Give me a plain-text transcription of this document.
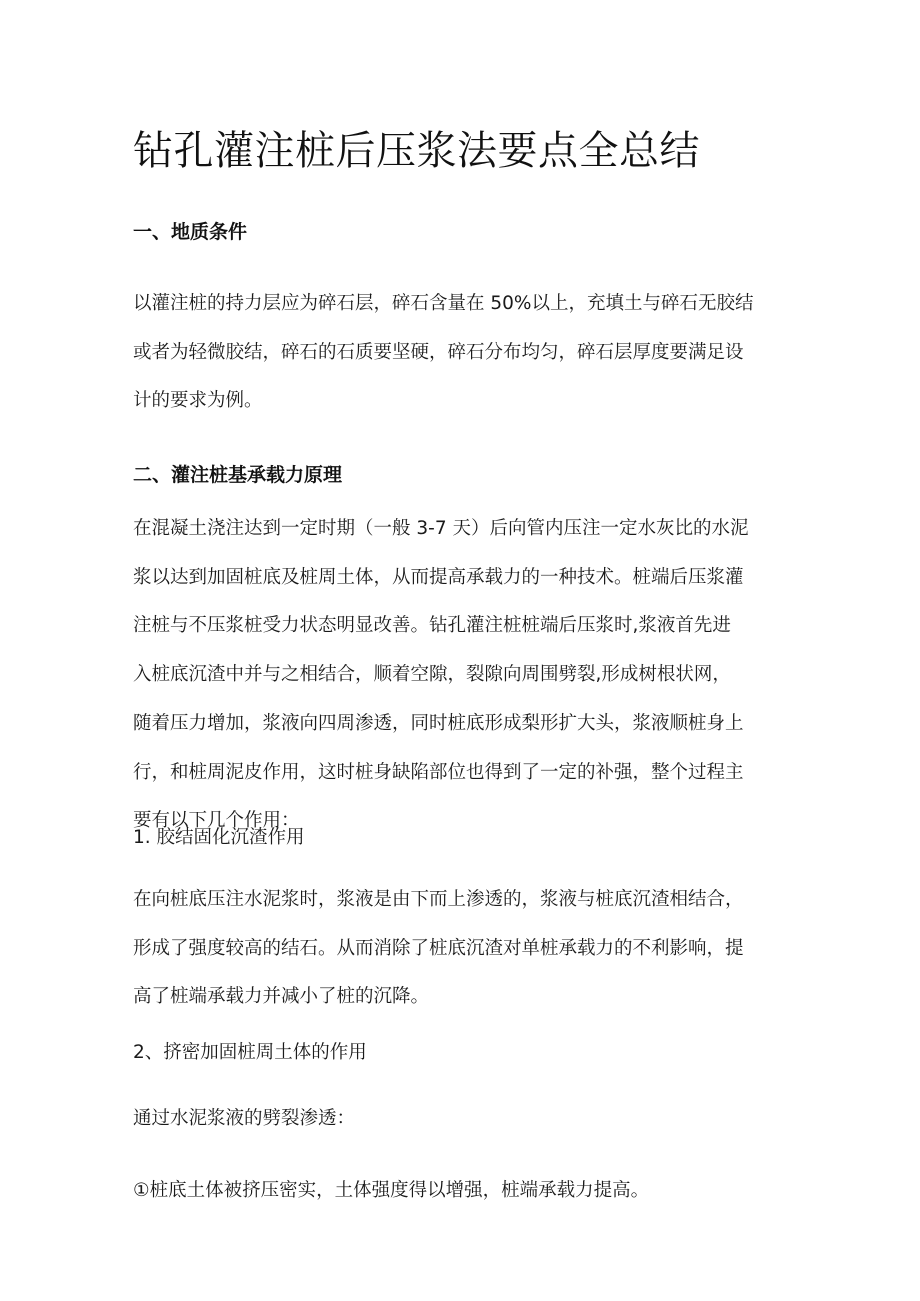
钻孔灌注桩后压浆法要点全总结
一、地质条件
以灌注桩的持力层应为碎石层，碎石含量在 50%以上，充填土与碎石无胶结
或者为轻微胶结，碎石的石质要坚硬，碎石分布均匀，碎石层厚度要满足设
计的要求为例。
二、灌注桩基承载力原理
在混凝土浇注达到一定时期（一般 3-7 天）后向管内压注一定水灰比的水泥
浆以达到加固桩底及桩周土体，从而提高承载力的一种技术。桩端后压浆灌
注桩与不压浆桩受力状态明显改善。钻孔灌注桩桩端后压浆时,浆液首先进
入桩底沉渣中并与之相结合，顺着空隙，裂隙向周围劈裂,形成树根状网，
随着压力增加，浆液向四周渗透，同时桩底形成梨形扩大头，浆液顺桩身上
行，和桩周泥皮作用，这时桩身缺陷部位也得到了一定的补强，整个过程主
要有以下几个作用：
1. 胶结固化沉渣作用
在向桩底压注水泥浆时，浆液是由下而上渗透的，浆液与桩底沉渣相结合，
形成了强度较高的结石。从而消除了桩底沉渣对单桩承载力的不利影响，提
高了桩端承载力并减小了桩的沉降。
2、挤密加固桩周土体的作用
通过水泥浆液的劈裂渗透：
①桩底土体被挤压密实，土体强度得以增强，桩端承载力提高。
